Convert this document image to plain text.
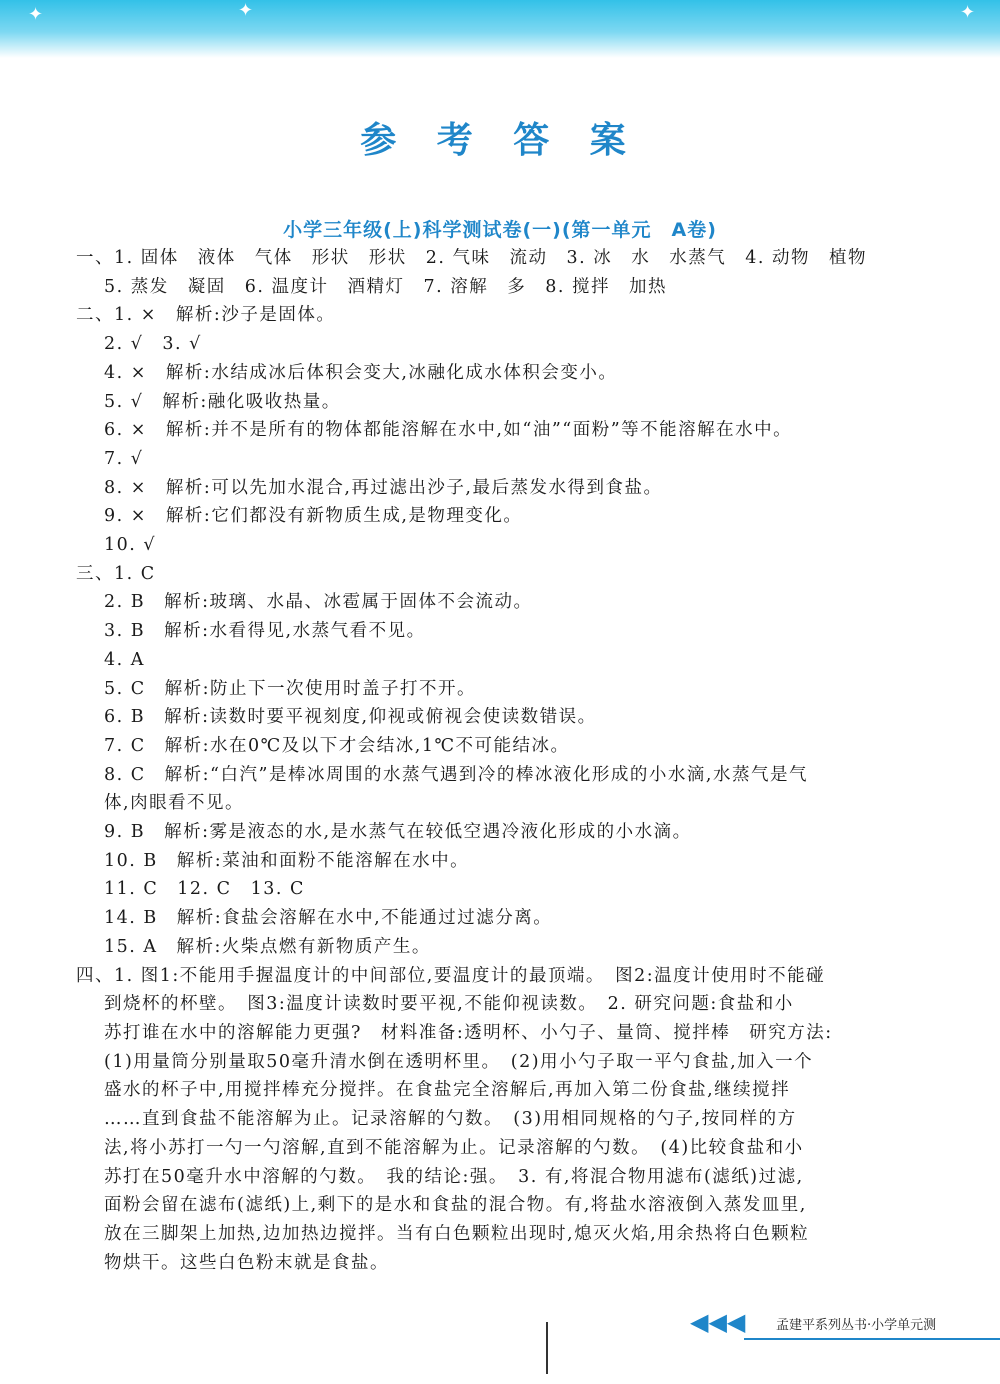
✦	✦	✦
参 考 答 案
小学三年级(上)科学测试卷(一)(第一单元　A卷)
一、1. 固体　液体　气体　形状　形状　2. 气味　流动　3. 冰　水　水蒸气　4. 动物　植物
5. 蒸发　凝固　6. 温度计　酒精灯　7. 溶解　多　8. 搅拌　加热
二、1. ×　解析:沙子是固体。
2. √　3. √
4. ×　解析:水结成冰后体积会变大,冰融化成水体积会变小。
5. √　解析:融化吸收热量。
6. ×　解析:并不是所有的物体都能溶解在水中,如“油”“面粉”等不能溶解在水中。
7. √
8. ×　解析:可以先加水混合,再过滤出沙子,最后蒸发水得到食盐。
9. ×　解析:它们都没有新物质生成,是物理变化。
10. √
三、1. C
2. B　解析:玻璃、水晶、冰雹属于固体不会流动。
3. B　解析:水看得见,水蒸气看不见。
4. A
5. C　解析:防止下一次使用时盖子打不开。
6. B　解析:读数时要平视刻度,仰视或俯视会使读数错误。
7. C　解析:水在0℃及以下才会结冰,1℃不可能结冰。
8. C　解析:“白汽”是棒冰周围的水蒸气遇到冷的棒冰液化形成的小水滴,水蒸气是气
体,肉眼看不见。
9. B　解析:雾是液态的水,是水蒸气在较低空遇冷液化形成的小水滴。
10. B　解析:菜油和面粉不能溶解在水中。
11. C　12. C　13. C
14. B　解析:食盐会溶解在水中,不能通过过滤分离。
15. A　解析:火柴点燃有新物质产生。
四、1. 图1:不能用手握温度计的中间部位,要温度计的最顶端。　图2:温度计使用时不能碰
到烧杯的杯壁。　图3:温度计读数时要平视,不能仰视读数。　2. 研究问题:食盐和小
苏打谁在水中的溶解能力更强?　材料准备:透明杯、小勺子、量筒、搅拌棒　研究方法:
(1)用量筒分别量取50毫升清水倒在透明杯里。　(2)用小勺子取一平勺食盐,加入一个
盛水的杯子中,用搅拌棒充分搅拌。在食盐完全溶解后,再加入第二份食盐,继续搅拌
……直到食盐不能溶解为止。记录溶解的勺数。　(3)用相同规格的勺子,按同样的方
法,将小苏打一勺一勺溶解,直到不能溶解为止。记录溶解的勺数。　(4)比较食盐和小
苏打在50毫升水中溶解的勺数。　我的结论:强。　3. 有,将混合物用滤布(滤纸)过滤,
面粉会留在滤布(滤纸)上,剩下的是水和食盐的混合物。有,将盐水溶液倒入蒸发皿里,
放在三脚架上加热,边加热边搅拌。当有白色颗粒出现时,熄灭火焰,用余热将白色颗粒
物烘干。这些白色粉末就是食盐。
◀◀◀ 孟建平系列丛书·小学单元测
